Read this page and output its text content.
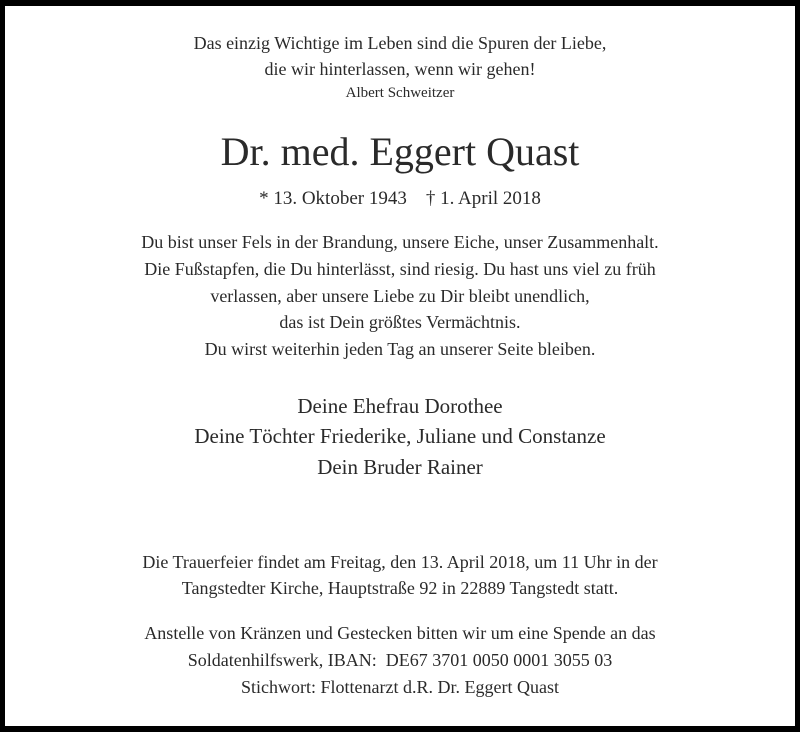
Das einzig Wichtige im Leben sind die Spuren der Liebe,
die wir hinterlassen, wenn wir gehen!
Albert Schweitzer
Dr. med. Eggert Quast
* 13. Oktober 1943    † 1. April 2018
Du bist unser Fels in der Brandung, unsere Eiche, unser Zusammenhalt.
Die Fußstapfen, die Du hinterlässt, sind riesig. Du hast uns viel zu früh
verlassen, aber unsere Liebe zu Dir bleibt unendlich,
das ist Dein größtes Vermächtnis.
Du wirst weiterhin jeden Tag an unserer Seite bleiben.
Deine Ehefrau Dorothee
Deine Töchter Friederike, Juliane und Constanze
Dein Bruder Rainer
Die Trauerfeier findet am Freitag, den 13. April 2018, um 11 Uhr in der
Tangstedter Kirche, Hauptstraße 92 in 22889 Tangstedt statt.
Anstelle von Kränzen und Gestecken bitten wir um eine Spende an das
Soldatenhilfswerk, IBAN:  DE67 3701 0050 0001 3055 03
Stichwort: Flottenarzt d.R. Dr. Eggert Quast
